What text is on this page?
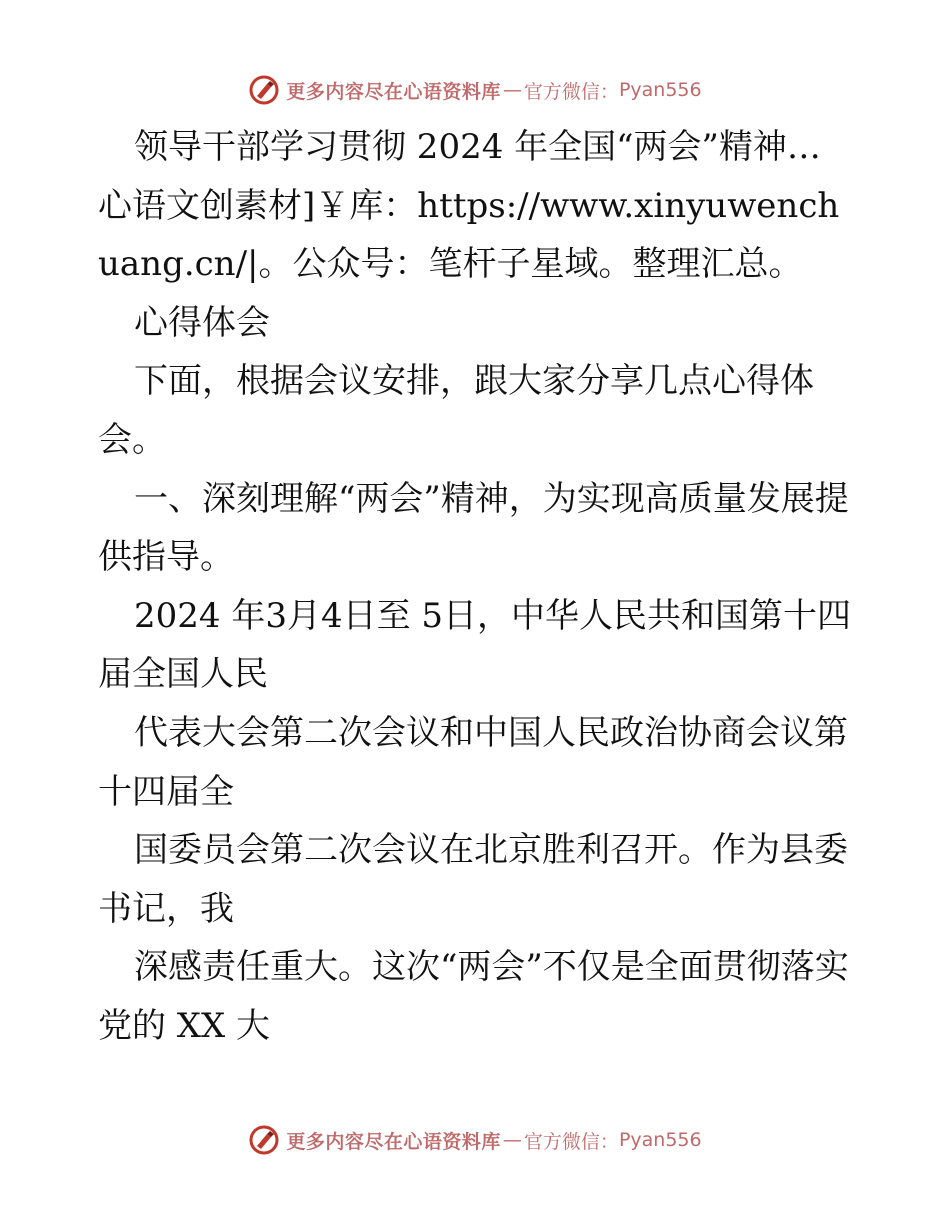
更多内容尽在心语资料库 — 官方微信： Pyan556

领导干部学习贯彻 2024 年全国“两会”精神…

心语文创素材]￥库：https://www.xinyuwenchuang.cn/|。公众号：笔杆子星域。整理汇总。

心得体会

下面，根据会议安排，跟大家分享几点心得体会。

一、深刻理解“两会”精神，为实现高质量发展提供指导。

2024 年3月4日至 5日，中华人民共和国第十四届全国人民

代表大会第二次会议和中国人民政治协商会议第十四届全

国委员会第二次会议在北京胜利召开。作为县委书记，我

深感责任重大。这次“两会”不仅是全面贯彻落实党的 XX 大

更多内容尽在心语资料库 — 官方微信： Pyan556
